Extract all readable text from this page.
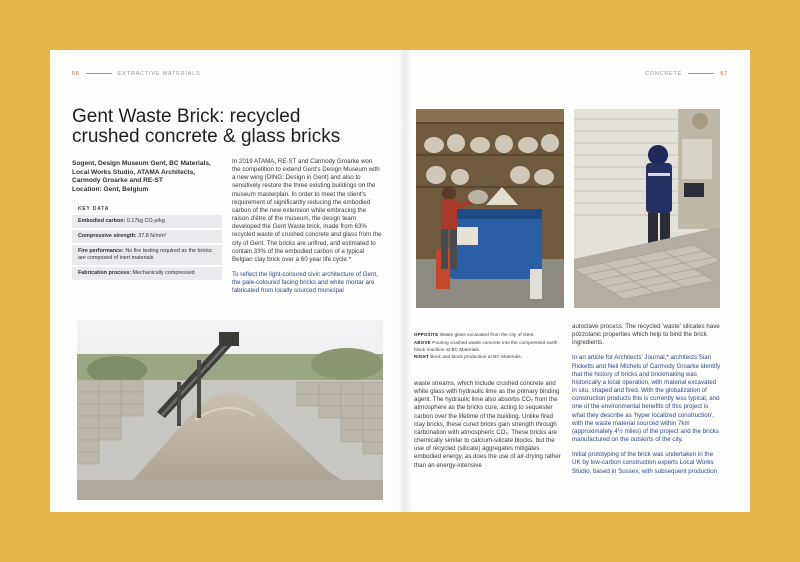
56	EXTRACTIVE MATERIALS
Gent Waste Brick: recycled crushed concrete & glass bricks
Sogent, Design Museum Gent, BC Materials,
Local Works Studio, ATAMA Architects,
Carmody Groarke and RE-ST
Location: Gent, Belgium
KEY DATA
Embodied carbon: 0.17kg CO₂e/kg
Compressive strength: 37.8 N/mm²
Fire performance: No fire testing required as the bricks are composed of inert materials
Fabrication process: Mechanically compressed

In 2019 ATAMA, RE-ST and Carmody Groarke won the competition to extend Gent's Design Museum with a new wing (DING: Design in Gent) and also to sensitively restore the three existing buildings on the museum masterplan. In order to meet the client's requirement of significantly reducing the embodied carbon of the new extension while embracing the raison d'être of the museum, the design team developed the Gent Waste brick, made from 63% recycled waste of crushed concrete and glass from the city of Gent. The bricks are unfired, and estimated to contain 33% of the embodied carbon of a typical Belgian clay brick over a 60 year life cycle.*

To reflect the light-coloured civic architecture of Gent, the pale-coloured facing bricks and white mortar are fabricated from locally sourced municipal

CONCRETE	57
OPPOSITE Waste glass excavated from the city of Gent.
ABOVE Pouring crushed waste concrete into the compressed earth block machine at BC Materials.
RIGHT Brick and block production at BC Materials.

waste streams, which include crushed concrete and white glass with hydraulic lime as the primary binding agent. The hydraulic lime also absorbs CO₂ from the atmosphere as the bricks cure, acting to sequester carbon over the lifetime of the building. Unlike fired clay bricks, these cured bricks gain strength through carbonation with atmospheric CO₂. These bricks are chemically similar to calcium-silicate blocks, but the use of recycled (silicate) aggregates mitigates embodied energy, as does the use of air-drying rather than an energy-intensive

autoclave process. The recycled 'waste' silicates have pozzolanic properties which help to bind the brick ingredients.

In an article for Architects' Journal,* architects Sian Ricketts and Neil Michels of Carmody Groarke identify that the history of bricks and brickmaking was historically a local operation, with material excavated in situ, shaped and fired. With the globalization of construction products this is currently less typical, and one of the environmental benefits of this project is what they describe as 'hyper localized construction', with the waste material sourced within 7km (approximately 4½ miles) of the project and the bricks manufactured on the outskirts of the city.

Initial prototyping of the brick was undertaken in the UK by low-carbon construction experts Local Works Studio, based in Sussex, with subsequent production
